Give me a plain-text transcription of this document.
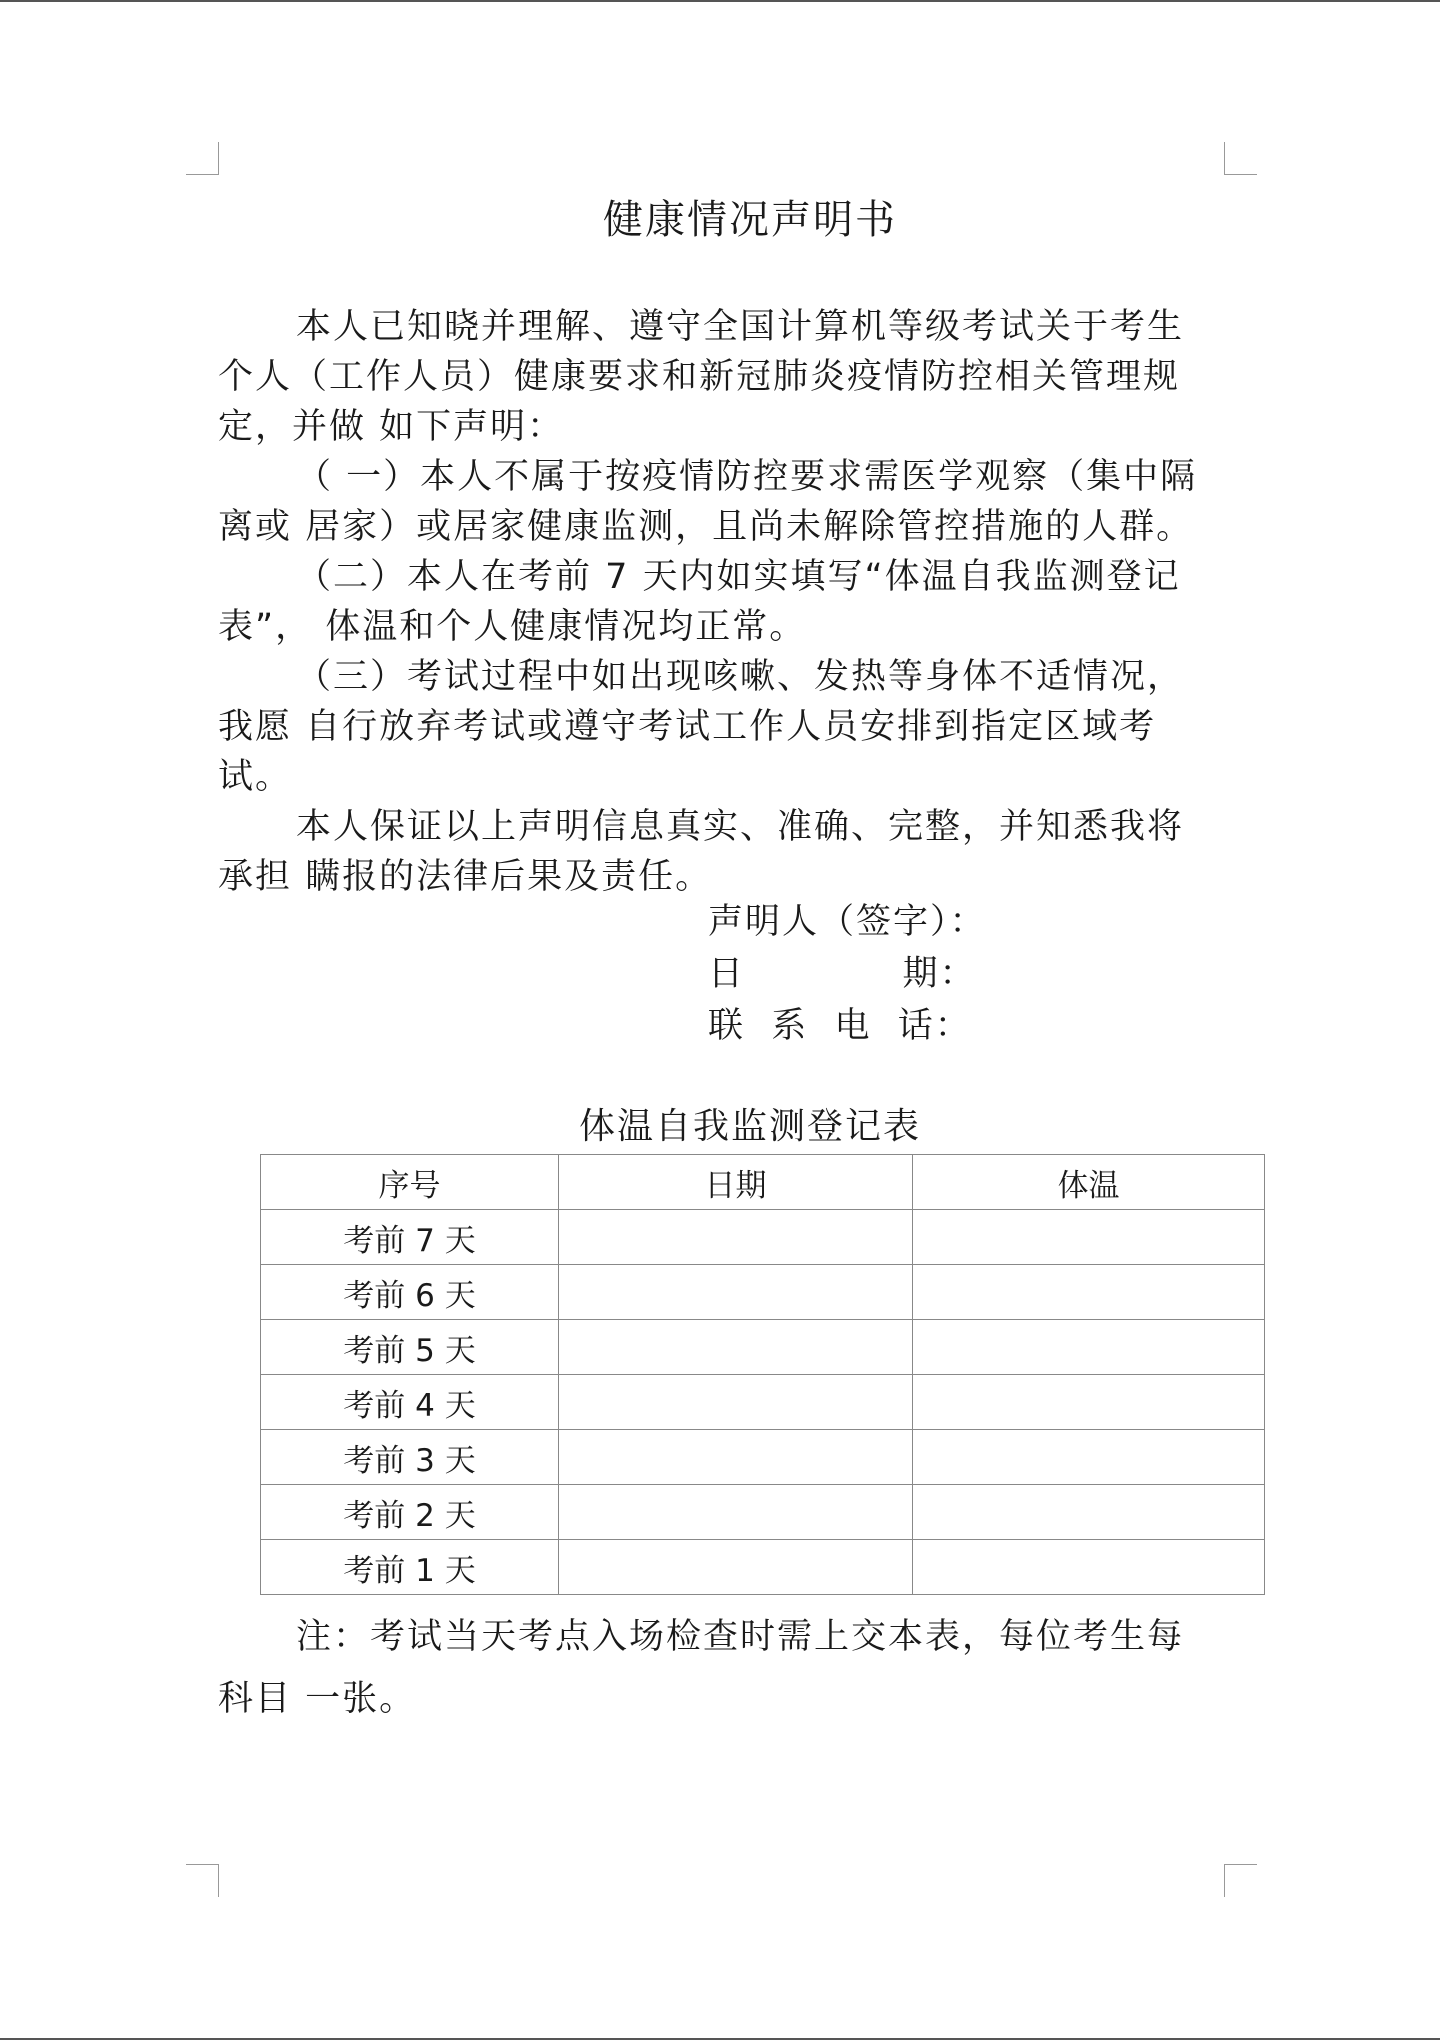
健康情况声明书

本人已知晓并理解、遵守全国计算机等级考试关于考生个人（工作人员）健康要求和新冠肺炎疫情防控相关管理规定，并做 如下声明：

（ 一）本人不属于按疫情防控要求需医学观察（集中隔离或 居家）或居家健康监测，且尚未解除管控措施的人群。

（二）本人在考前 7 天内如实填写“体温自我监测登记表”， 体温和个人健康情况均正常。

（三）考试过程中如出现咳嗽、发热等身体不适情况，我愿 自行放弃考试或遵守考试工作人员安排到指定区域考试。

本人保证以上声明信息真实、准确、完整，并知悉我将承担 瞒报的法律后果及责任。

声明人（签字）：
日            期：
联  系  电  话：
体温自我监测登记表
序号	日期	体温
考前 7 天		
考前 6 天		
考前 5 天		
考前 4 天		
考前 3 天		
考前 2 天		
考前 1 天		

注：考试当天考点入场检查时需上交本表，每位考生每科目 一张。
